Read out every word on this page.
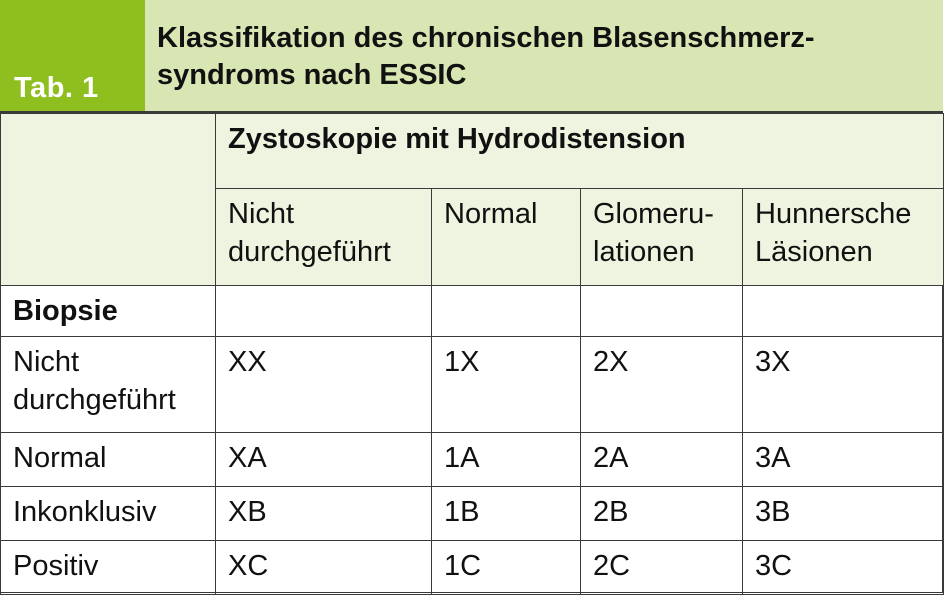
Tab. 1
Klassifikation des chronischen Blasenschmerz-
syndroms nach ESSIC
	Zystoskopie mit Hydrodistension			
	Nicht durchgeführt	Normal	Glomeru-
lationen	Hunnersche Läsionen
Biopsie				
Nicht durchgeführt	XX	1X	2X	3X
Normal	XA	1A	2A	3A
Inkonklusiv	XB	1B	2B	3B
Positiv	XC	1C	2C	3C
